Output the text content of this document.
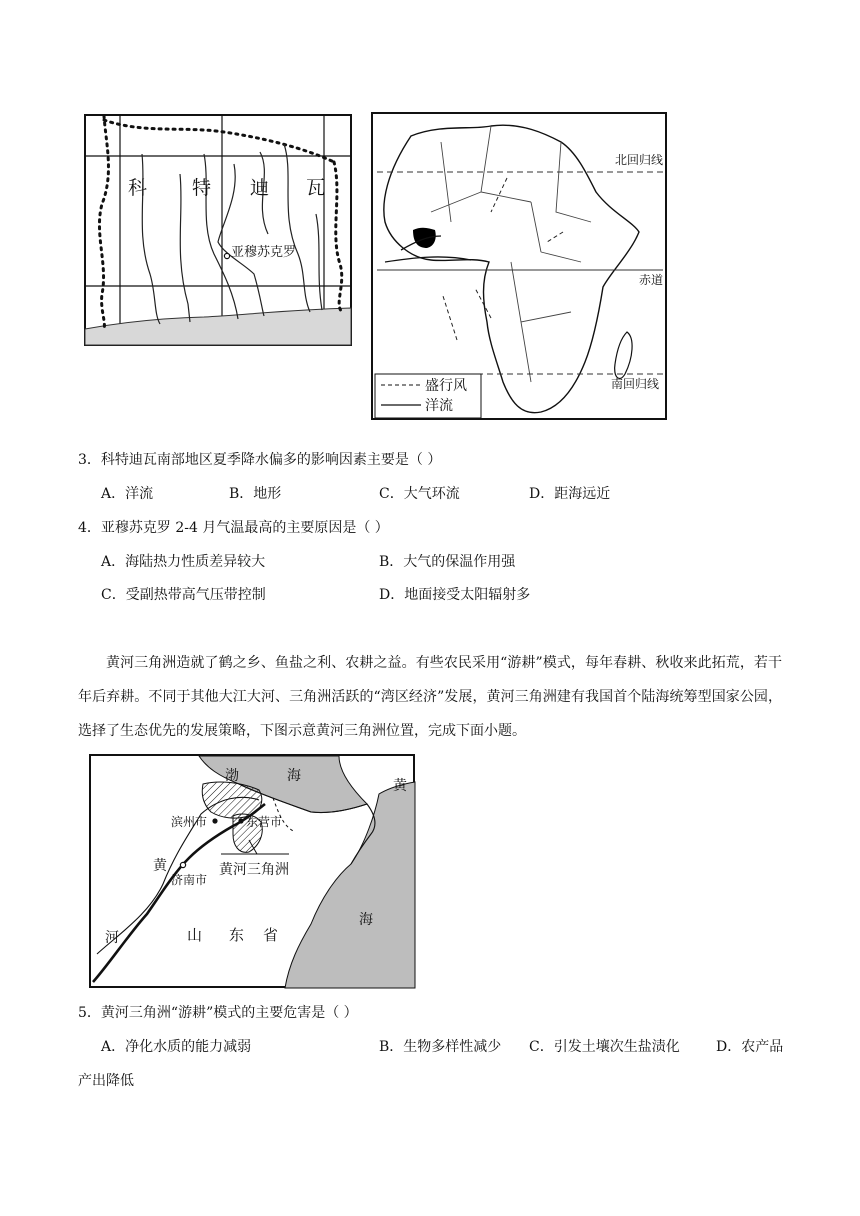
科 特 迪 瓦
亚穆苏克罗
北回归线
赤道
南回归线
盛行风
洋流
3．科特迪瓦南部地区夏季降水偏多的影响因素主要是（ ）
A．洋流	B．地形	C．大气环流	D．距海远近
4．亚穆苏克罗 2-4 月气温最高的主要原因是（ ）
A．海陆热力性质差异较大	B．大气的保温作用强
C．受副热带高气压带控制	D．地面接受太阳辐射多
黄河三角洲造就了鹤之乡、鱼盐之利、农耕之益。有些农民采用“游耕”模式，每年春耕、秋收来此拓荒，若干年后弃耕。不同于其他大江大河、三角洲活跃的“湾区经济”发展，黄河三角洲建有我国首个陆海统筹型国家公园，选择了生态优先的发展策略，下图示意黄河三角洲位置，完成下面小题。
渤	海
黄
海
滨州市	东营市
济南市
黄
河
黄河三角洲
山 东 省
5．黄河三角洲“游耕”模式的主要危害是（ ）
A．净化水质的能力减弱	B．生物多样性减少 C．引发土壤次生盐渍化	D．农产品
产出降低
